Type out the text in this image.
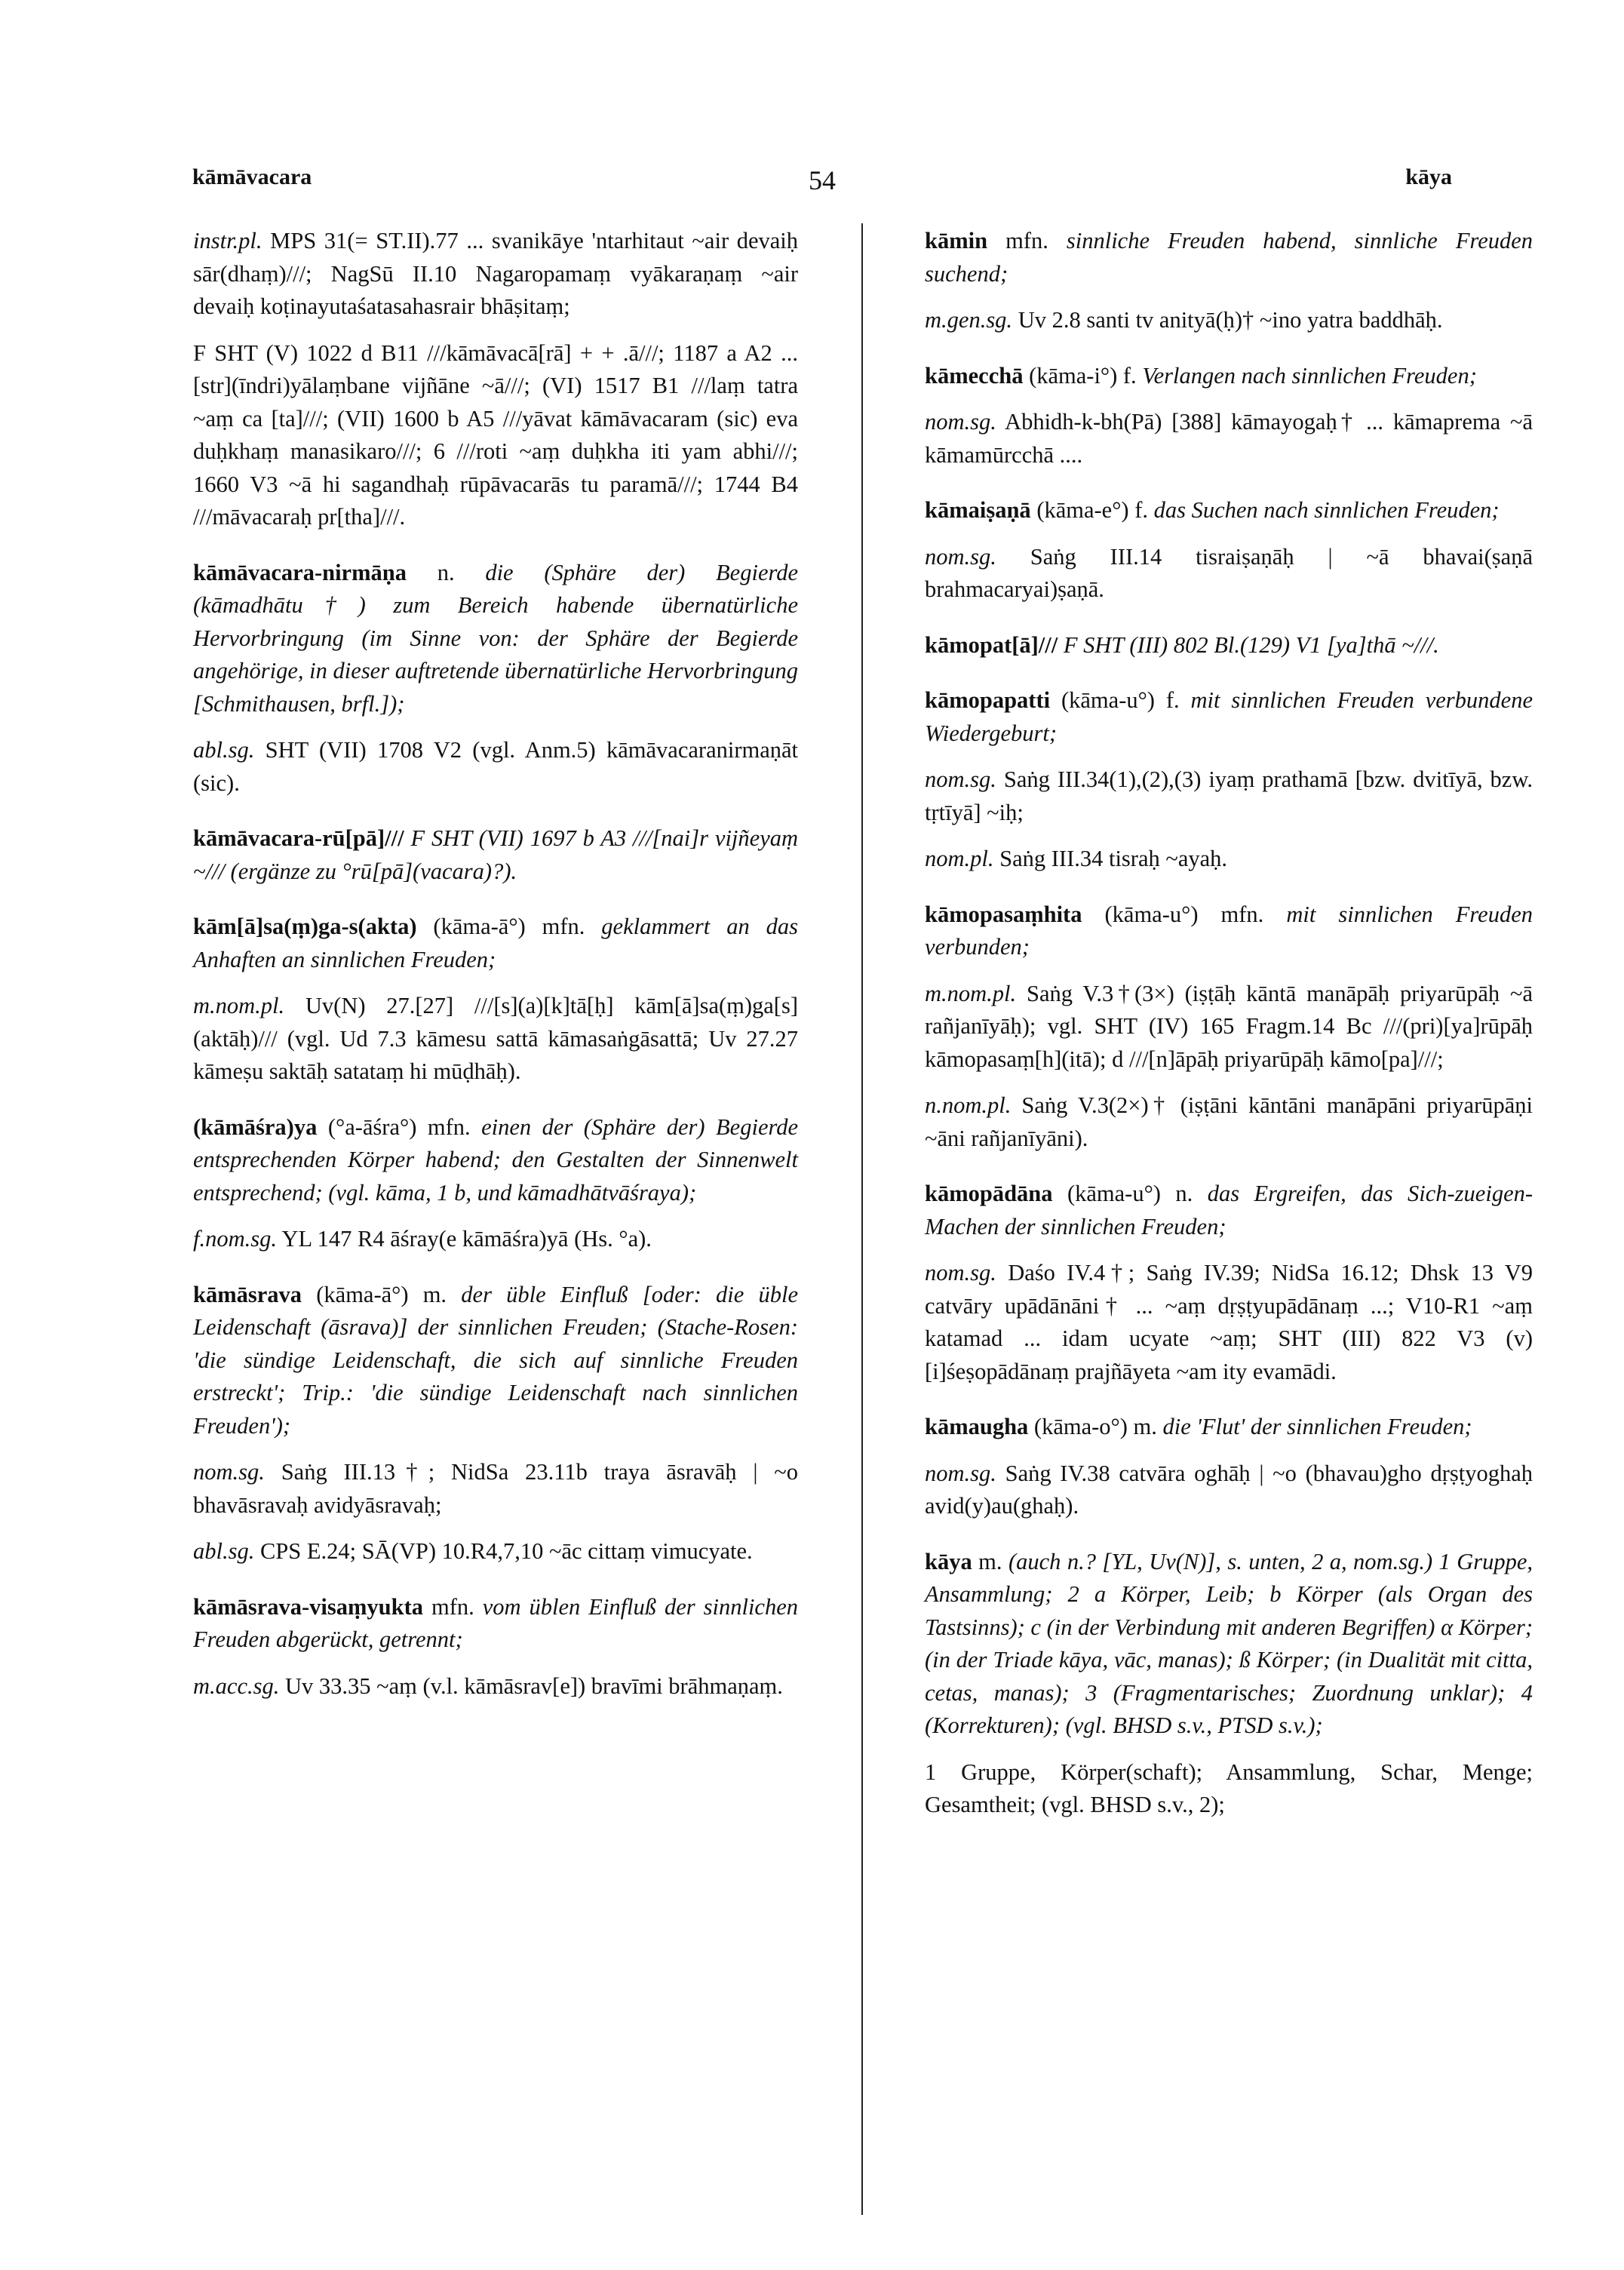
kāmāvacara	54	kāya
instr.pl. MPS 31(= ST.II).77 ... svanikāye 'ntarhitaut ~air devaiḥ sār(dhaṃ)///; NagSū II.10 Nagaropamaṃ vyākaraṇaṃ ~air devaiḥ koṭinayutaśatasahasrair bhāṣitaṃ;
F SHT (V) 1022 d B11 ///kāmāvacā[rā] + + .ā///; 1187 a A2 ... [str](īndri)yālaṃbane vijñāne ~ā///; (VI) 1517 B1 ///laṃ tatra ~aṃ ca [ta]///; (VII) 1600 b A5 ///yāvat kāmāvacaram (sic) eva duḥkhaṃ manasikaro///; 6 ///roti ~aṃ duḥkha iti yam abhi///; 1660 V3 ~ā hi sagandhaḥ rūpāvacarās tu paramā///; 1744 B4 ///māvacaraḥ pr[tha]///.
kāmāvacara-nirmāṇa n. die (Sphäre der) Begierde (kāmadhātu†) zum Bereich habende übernatürliche Hervorbringung (im Sinne von: der Sphäre der Begierde angehörige, in dieser auftretende übernatürliche Hervorbringung [Schmithausen, brfl.]);
abl.sg. SHT (VII) 1708 V2 (vgl. Anm.5) kāmāvacaranirmaṇāt (sic).
kāmāvacara-rū[pā]/// F SHT (VII) 1697 b A3 ///[nai]r vijñeyaṃ ~/// (ergänze zu °rū[pā](vacara)?).
kām[ā]sa(ṃ)ga-s(akta) (kāma-ā°) mfn. geklammert an das Anhaften an sinnlichen Freuden;
m.nom.pl. Uv(N) 27.[27] ///[s](a)[k]tā[ḥ] kām[ā]sa(ṃ)ga[s](aktāḥ)/// (vgl. Ud 7.3 kāmesu sattā kāmasaṅgāsattā; Uv 27.27 kāmeṣu saktāḥ satataṃ hi mūḍhāḥ).
(kāmāśra)ya (°a-āśra°) mfn. einen der (Sphäre der) Begierde entsprechenden Körper habend; den Gestalten der Sinnenwelt entsprechend; (vgl. kāma, 1 b, und kāmadhātvāśraya);
f.nom.sg. YL 147 R4 āśray(e kāmāśra)yā (Hs. °a).
kāmāsrava (kāma-ā°) m. der üble Einfluß [oder: die üble Leidenschaft (āsrava)] der sinnlichen Freuden; (Stache-Rosen: 'die sündige Leidenschaft, die sich auf sinnliche Freuden erstreckt'; Trip.: 'die sündige Leidenschaft nach sinnlichen Freuden');
nom.sg. Saṅg III.13†; NidSa 23.11b traya āsravāḥ | ~o bhavāsravaḥ avidyāsravaḥ;
abl.sg. CPS E.24; SĀ(VP) 10.R4,7,10 ~āc cittaṃ vimucyate.
kāmāsrava-visaṃyukta mfn. vom üblen Einfluß der sinnlichen Freuden abgerückt, getrennt;
m.acc.sg. Uv 33.35 ~aṃ (v.l. kāmāsrav[e]) bravīmi brāhmaṇaṃ.
kāmin mfn. sinnliche Freuden habend, sinnliche Freuden suchend;
m.gen.sg. Uv 2.8 santi tv anityā(ḥ)† ~ino yatra baddhāḥ.
kāmecchā (kāma-i°) f. Verlangen nach sinnlichen Freuden;
nom.sg. Abhidh-k-bh(Pā) [388] kāmayogaḥ† ... kāmaprema ~ā kāmamūrcchā ....
kāmaiṣaṇā (kāma-e°) f. das Suchen nach sinnlichen Freuden;
nom.sg. Saṅg III.14 tisraiṣaṇāḥ | ~ā bhavai(ṣaṇā brahmacaryai)ṣaṇā.
kāmopat[ā]/// F SHT (III) 802 Bl.(129) V1 [ya]thā ~///.
kāmopapatti (kāma-u°) f. mit sinnlichen Freuden verbundene Wiedergeburt;
nom.sg. Saṅg III.34(1),(2),(3) iyaṃ prathamā [bzw. dvitīyā, bzw. tṛtīyā] ~iḥ;
nom.pl. Saṅg III.34 tisraḥ ~ayaḥ.
kāmopasaṃhita (kāma-u°) mfn. mit sinnlichen Freuden verbunden;
m.nom.pl. Saṅg V.3†(3×) (iṣṭāḥ kāntā manāpāḥ priyarūpāḥ ~ā rañjanīyāḥ); vgl. SHT (IV) 165 Fragm.14 Bc ///(pri)[ya]rūpāḥ kāmopasaṃ[h](itā); d ///[n]āpāḥ priyarūpāḥ kāmo[pa]///;
n.nom.pl. Saṅg V.3(2×)† (iṣṭāni kāntāni manāpāni priyarūpāṇi ~āni rañjanīyāni).
kāmopādāna (kāma-u°) n. das Ergreifen, das Sich-zueigen-Machen der sinnlichen Freuden;
nom.sg. Daśo IV.4†; Saṅg IV.39; NidSa 16.12; Dhsk 13 V9 catvāry upādānāni† ... ~aṃ dṛṣṭyupādānaṃ ...; V10-R1 ~aṃ katamad ... idam ucyate ~aṃ; SHT (III) 822 V3 (v)[i]śeṣopādānaṃ prajñāyeta ~am ity evamādi.
kāmaugha (kāma-o°) m. die 'Flut' der sinnlichen Freuden;
nom.sg. Saṅg IV.38 catvāra oghāḥ | ~o (bhavau)gho dṛṣṭyoghaḥ avid(y)au(ghaḥ).
kāya m. (auch n.? [YL, Uv(N)], s. unten, 2 a, nom.sg.) 1 Gruppe, Ansammlung; 2 a Körper, Leib; b Körper (als Organ des Tastsinns); c (in der Verbindung mit anderen Begriffen) α Körper; (in der Triade kāya, vāc, manas); ß Körper; (in Dualität mit citta, cetas, manas); 3 (Fragmentarisches; Zuordnung unklar); 4 (Korrekturen); (vgl. BHSD s.v., PTSD s.v.);
1 Gruppe, Körper(schaft); Ansammlung, Schar, Menge; Gesamtheit; (vgl. BHSD s.v., 2);
